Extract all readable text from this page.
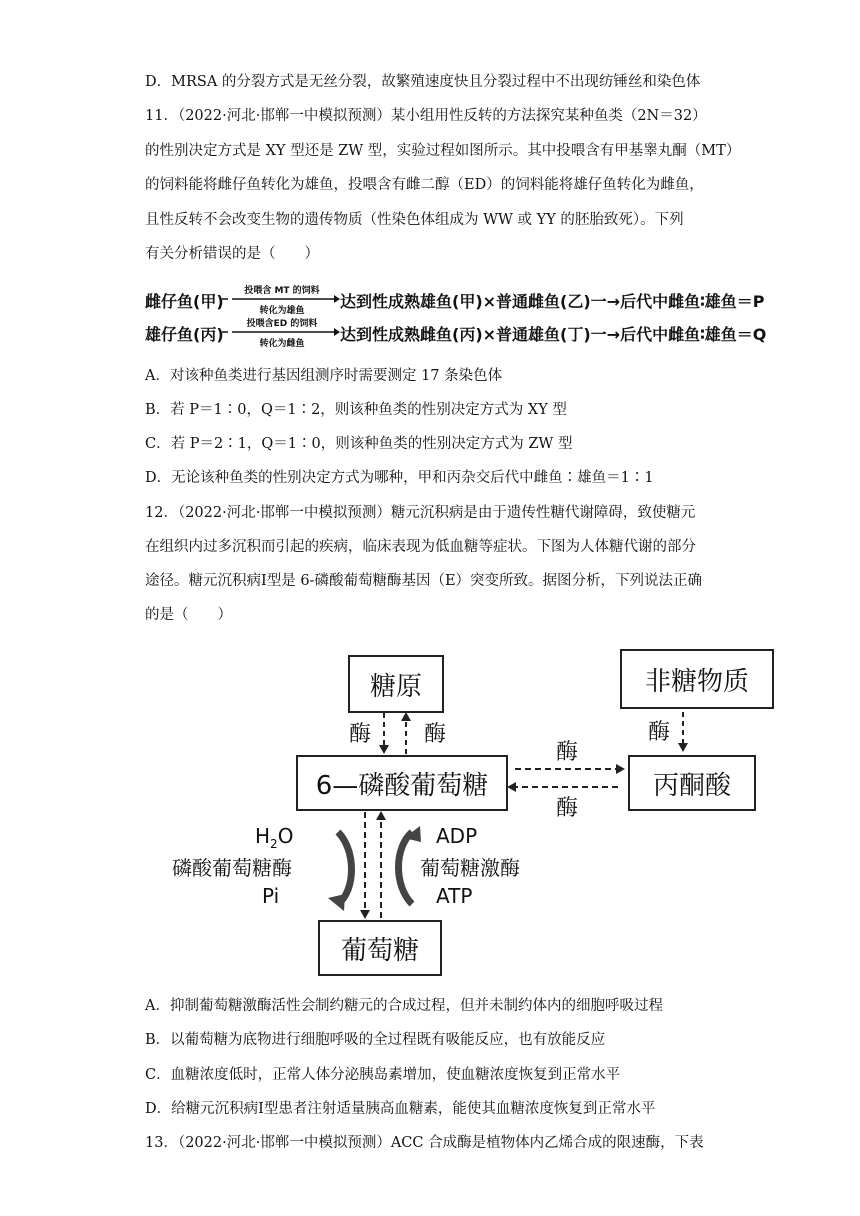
D．MRSA 的分裂方式是无丝分裂，故繁殖速度快且分裂过程中不出现纺锤丝和染色体
11．（2022·河北·邯郸一中模拟预测）某小组用性反转的方法探究某种鱼类（2N＝32）
的性别决定方式是 XY 型还是 ZW 型，实验过程如图所示。其中投喂含有甲基睾丸酮（MT）
的饲料能将雌仔鱼转化为雄鱼，投喂含有雌二醇（ED）的饲料能将雄仔鱼转化为雌鱼，
且性反转不会改变生物的遗传物质（性染色体组成为 WW 或 YY 的胚胎致死）。下列
有关分析错误的是（　　）
雌仔鱼(甲)
投喂含 MT 的饲料
转化为雄鱼	达到性成熟雄鱼(甲)×普通雌鱼(乙)一→后代中雌鱼∶雄鱼＝P
雄仔鱼(丙)
投喂含ED 的饲料
转化为雌鱼	达到性成熟雌鱼(丙)×普通雄鱼(丁)一→后代中雌鱼∶雄鱼＝Q
A．对该种鱼类进行基因组测序时需要测定 17 条染色体
B．若 P＝1∶0，Q＝1∶2，则该种鱼类的性别决定方式为 XY 型
C．若 P＝2∶1，Q＝1∶0，则该种鱼类的性别决定方式为 ZW 型
D．无论该种鱼类的性别决定方式为哪种，甲和丙杂交后代中雌鱼∶雄鱼＝1∶1
12．（2022·河北·邯郸一中模拟预测）糖元沉积病是由于遗传性糖代谢障碍，致使糖元
在组织内过多沉积而引起的疾病，临床表现为低血糖等症状。下图为人体糖代谢的部分
途径。糖元沉积病Ⅰ型是 6-磷酸葡萄糖酶基因（E）突变所致。据图分析，下列说法正确
的是（　　）
糖原	非糖物质
6—磷酸葡萄糖	丙酮酸
葡萄糖
酶 酶	酶
酶
酶
$H_2O$
磷酸葡萄糖酶
Pi
ADP
葡萄糖激酶
ATP
A．抑制葡萄糖激酶活性会制约糖元的合成过程，但并未制约体内的细胞呼吸过程
B．以葡萄糖为底物进行细胞呼吸的全过程既有吸能反应，也有放能反应
C．血糖浓度低时，正常人体分泌胰岛素增加，使血糖浓度恢复到正常水平
D．给糖元沉积病Ⅰ型患者注射适量胰高血糖素，能使其血糖浓度恢复到正常水平
13．（2022·河北·邯郸一中模拟预测）ACC 合成酶是植物体内乙烯合成的限速酶，下表
